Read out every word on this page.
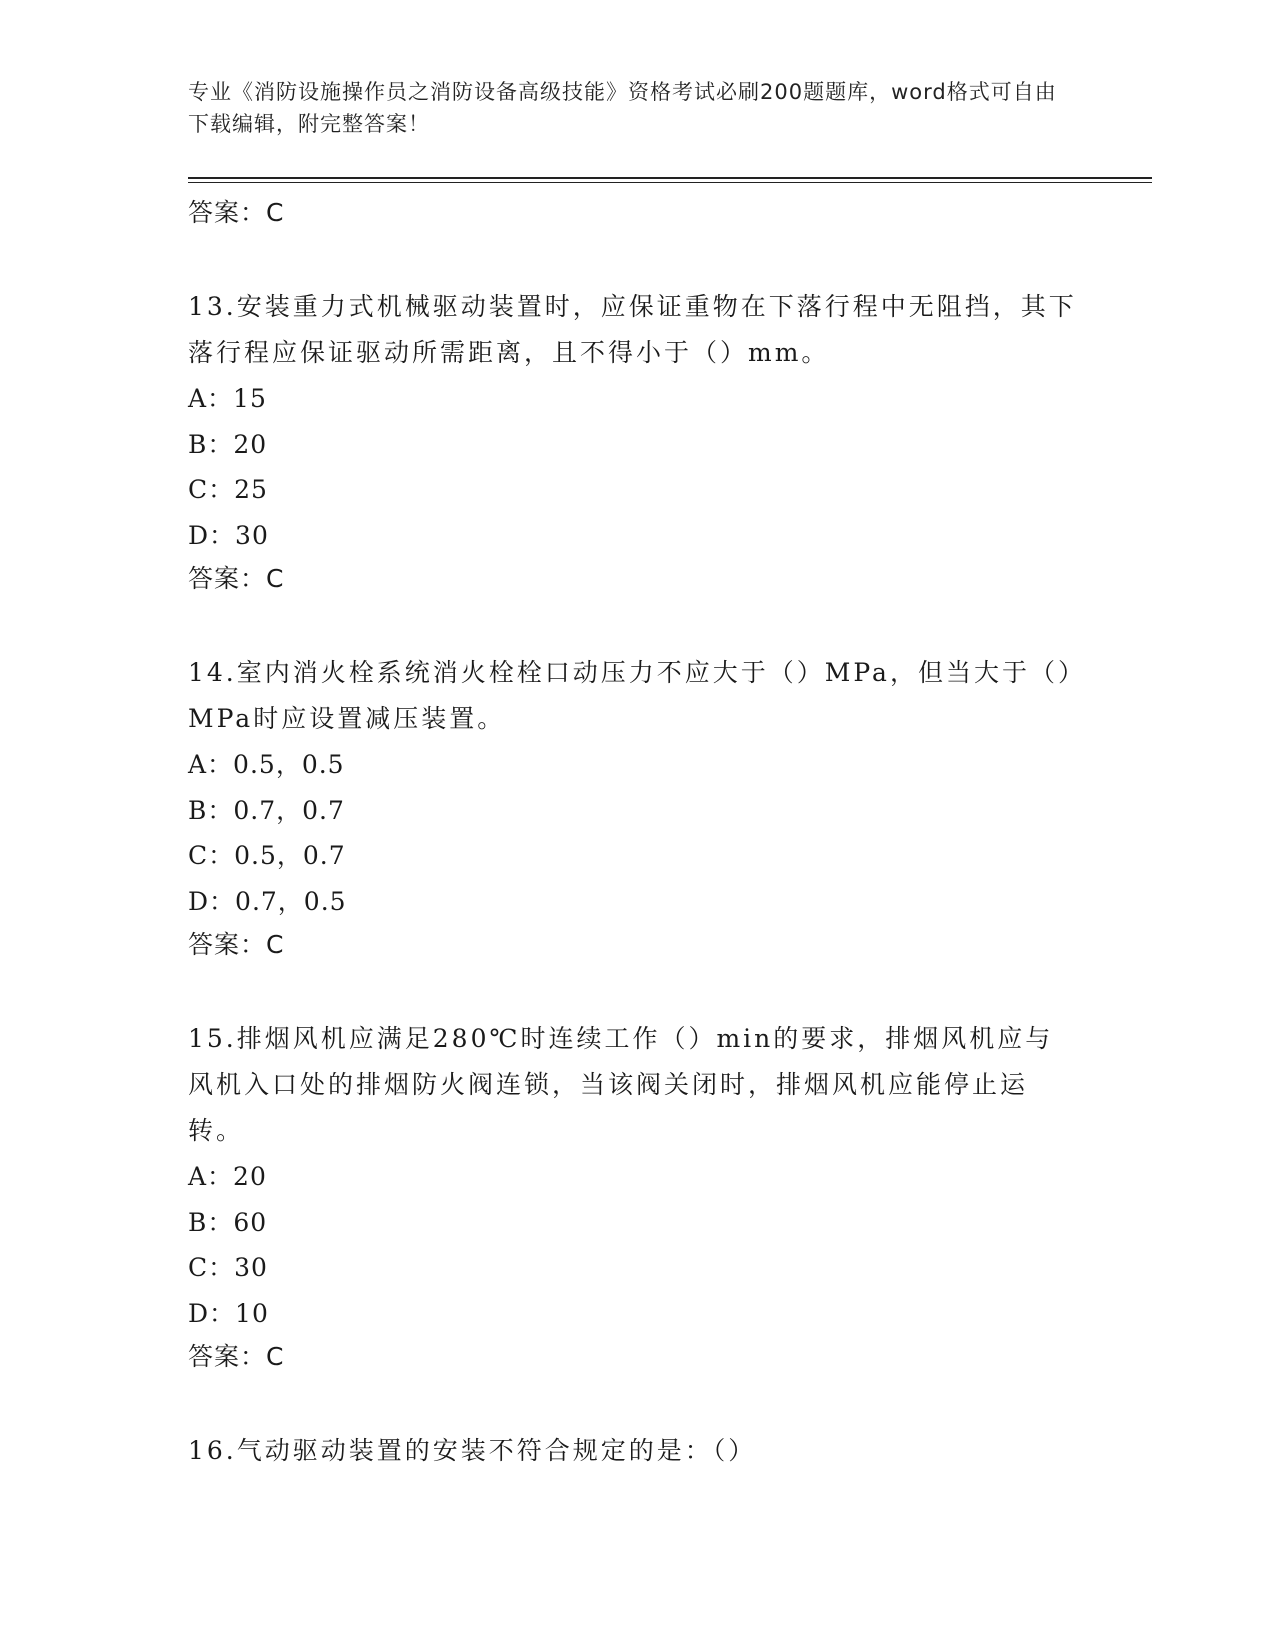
专业《消防设施操作员之消防设备高级技能》资格考试必刷200题题库，word格式可自由下载编辑，附完整答案！
答案：C
13.安装重力式机械驱动装置时，应保证重物在下落行程中无阻挡，其下落行程应保证驱动所需距离，且不得小于（）mm。
A：15
B：20
C：25
D：30
答案：C
14.室内消火栓系统消火栓栓口动压力不应大于（）MPa，但当大于（）MPa时应设置减压装置。
A：0.5，0.5
B：0.7，0.7
C：0.5，0.7
D：0.7，0.5
答案：C
15.排烟风机应满足280℃时连续工作（）min的要求，排烟风机应与风机入口处的排烟防火阀连锁，当该阀关闭时，排烟风机应能停止运转。
A：20
B：60
C：30
D：10
答案：C
16.气动驱动装置的安装不符合规定的是：（）
